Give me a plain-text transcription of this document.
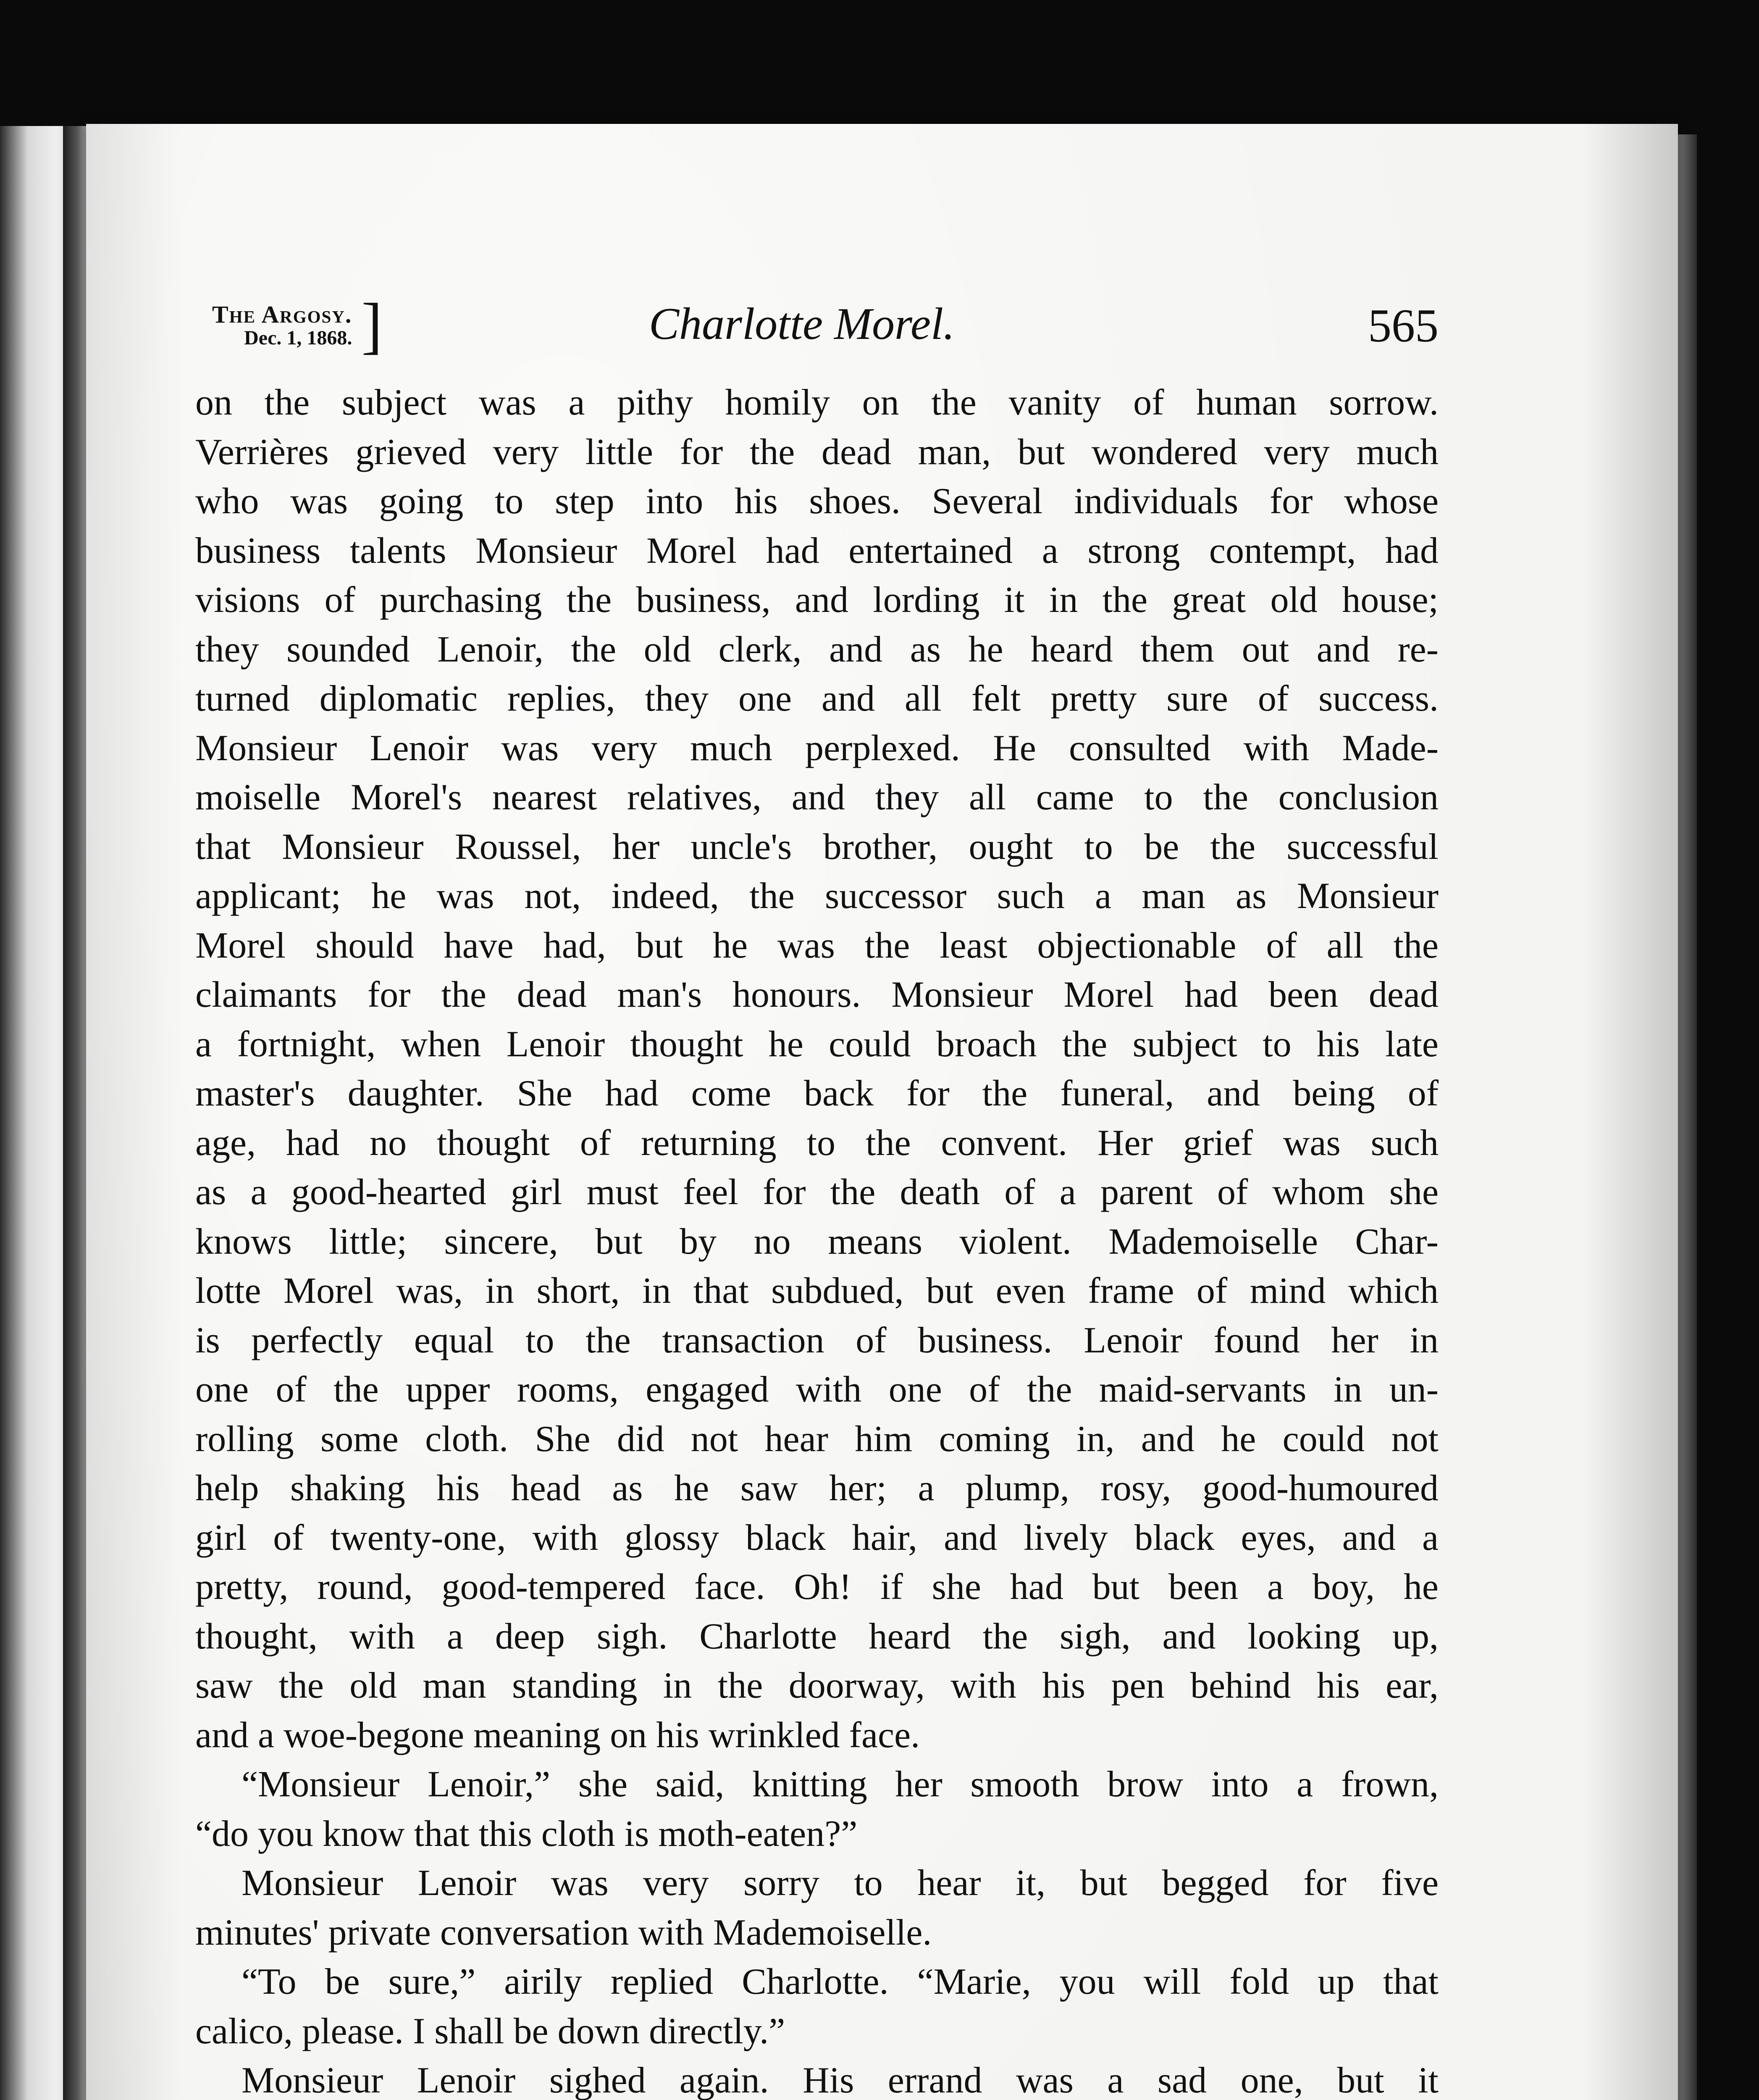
The Argosy.
Dec. 1, 1868. ]	Charlotte Morel.	565
on the subject was a pithy homily on the vanity of human sorrow.
Verrières grieved very little for the dead man, but wondered very much
who was going to step into his shoes. Several individuals for whose
business talents Monsieur Morel had entertained a strong contempt, had
visions of purchasing the business, and lording it in the great old house;
they sounded Lenoir, the old clerk, and as he heard them out and re-
turned diplomatic replies, they one and all felt pretty sure of success.
Monsieur Lenoir was very much perplexed. He consulted with Made-
moiselle Morel's nearest relatives, and they all came to the conclusion
that Monsieur Roussel, her uncle's brother, ought to be the successful
applicant; he was not, indeed, the successor such a man as Monsieur
Morel should have had, but he was the least objectionable of all the
claimants for the dead man's honours. Monsieur Morel had been dead
a fortnight, when Lenoir thought he could broach the subject to his late
master's daughter. She had come back for the funeral, and being of
age, had no thought of returning to the convent. Her grief was such
as a good-hearted girl must feel for the death of a parent of whom she
knows little; sincere, but by no means violent. Mademoiselle Char-
lotte Morel was, in short, in that subdued, but even frame of mind which
is perfectly equal to the transaction of business. Lenoir found her in
one of the upper rooms, engaged with one of the maid-servants in un-
rolling some cloth. She did not hear him coming in, and he could not
help shaking his head as he saw her; a plump, rosy, good-humoured
girl of twenty-one, with glossy black hair, and lively black eyes, and a
pretty, round, good-tempered face. Oh! if she had but been a boy, he
thought, with a deep sigh. Charlotte heard the sigh, and looking up,
saw the old man standing in the doorway, with his pen behind his ear,
and a woe-begone meaning on his wrinkled face.
“Monsieur Lenoir,” she said, knitting her smooth brow into a frown,
“do you know that this cloth is moth-eaten?”
Monsieur Lenoir was very sorry to hear it, but begged for five
minutes' private conversation with Mademoiselle.
“To be sure,” airily replied Charlotte. “Marie, you will fold up that
calico, please. I shall be down directly.”
Monsieur Lenoir sighed again. His errand was a sad one, but it
